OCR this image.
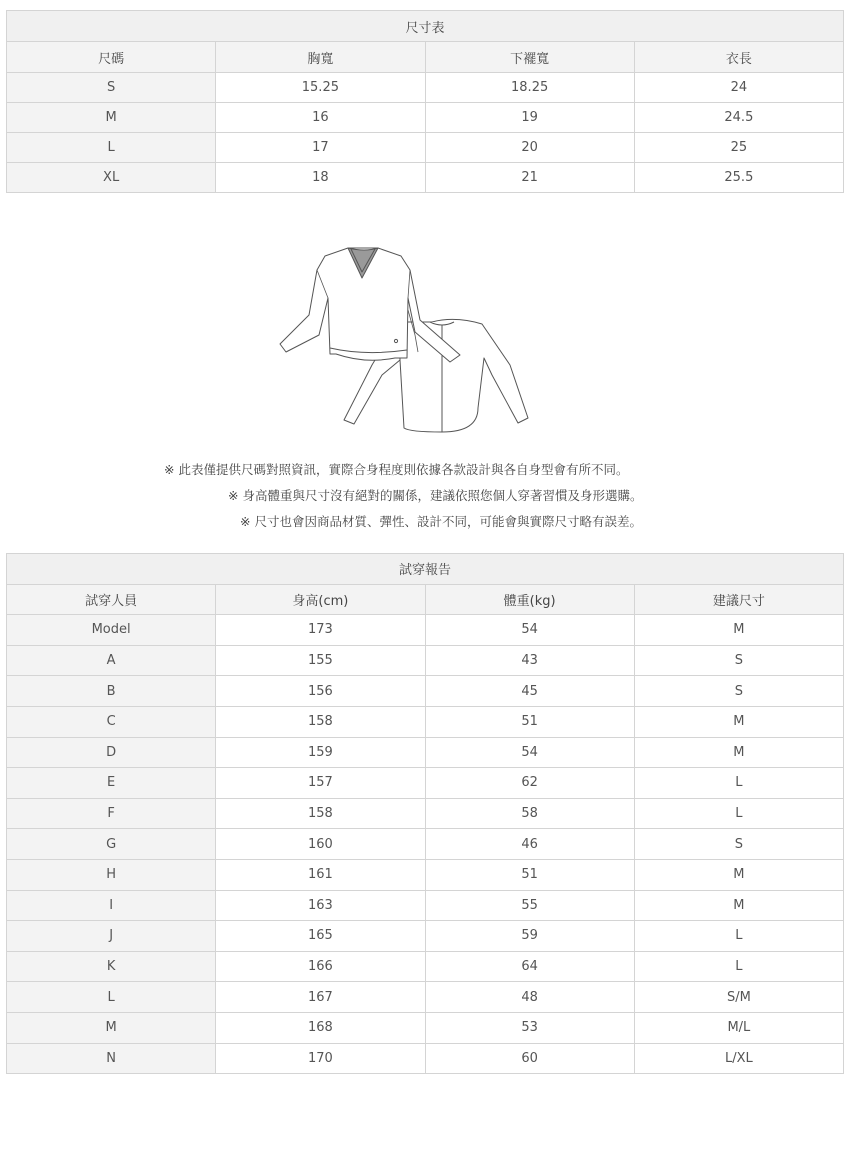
尺寸表			
尺碼	胸寬	下襬寬	衣長
S	15.25	18.25	24
M	16	19	24.5
L	17	20	25
XL	18	21	25.5
※ 此表僅提供尺碼對照資訊，實際合身程度則依據各款設計與各自身型會有所不同。
※ 身高體重與尺寸沒有絕對的關係，建議依照您個人穿著習慣及身形選購。
※ 尺寸也會因商品材質、彈性、設計不同，可能會與實際尺寸略有誤差。
試穿報告			
試穿人員	身高(cm)	體重(kg)	建議尺寸
Model	173	54	M
A	155	43	S
B	156	45	S
C	158	51	M
D	159	54	M
E	157	62	L
F	158	58	L
G	160	46	S
H	161	51	M
I	163	55	M
J	165	59	L
K	166	64	L
L	167	48	S/M
M	168	53	M/L
N	170	60	L/XL
